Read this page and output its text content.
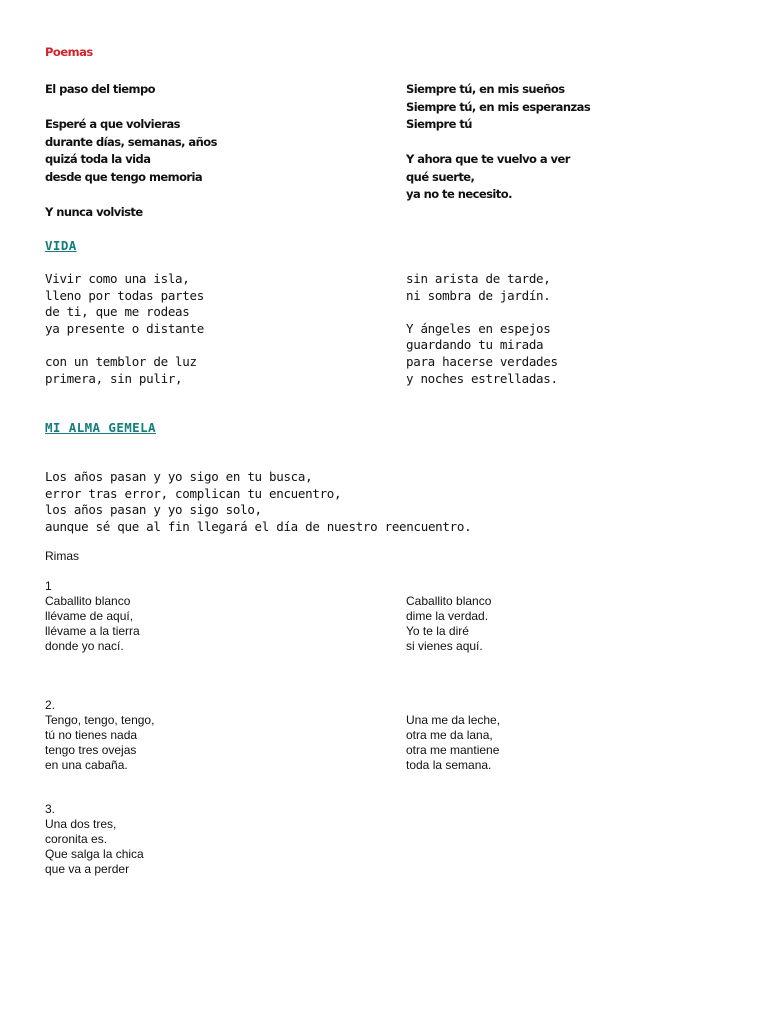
Poemas
El paso del tiempo

Esperé a que volvieras
durante días, semanas, años
quizá toda la vida
desde que tengo memoria

Y nunca volviste
Siempre tú, en mis sueños
Siempre tú, en mis esperanzas
Siempre tú

Y ahora que te vuelvo a ver
qué suerte,
ya no te necesito.
VIDA
Vivir como una isla,
lleno por todas partes
de ti, que me rodeas
ya presente o distante

con un temblor de luz
primera, sin pulir,
sin arista de tarde,
ni sombra de jardín.

Y ángeles en espejos
guardando tu mirada
para hacerse verdades
y noches estrelladas.
MI ALMA GEMELA
Los años pasan y yo sigo en tu busca,
error tras error, complican tu encuentro,
los años pasan y yo sigo solo,
aunque sé que al fin llegará el día de nuestro reencuentro.
Rimas
1
Caballito blanco
llévame de aquí,
llévame a la tierra
donde yo nací.
Caballito blanco
dime la verdad.
Yo te la diré
si vienes aquí.
2.
Tengo, tengo, tengo,
tú no tienes nada
tengo tres ovejas
en una cabaña.
Una me da leche,
otra me da lana,
otra me mantiene
toda la semana.
3.
Una dos tres,
coronita es.
Que salga la chica
que va a perder
